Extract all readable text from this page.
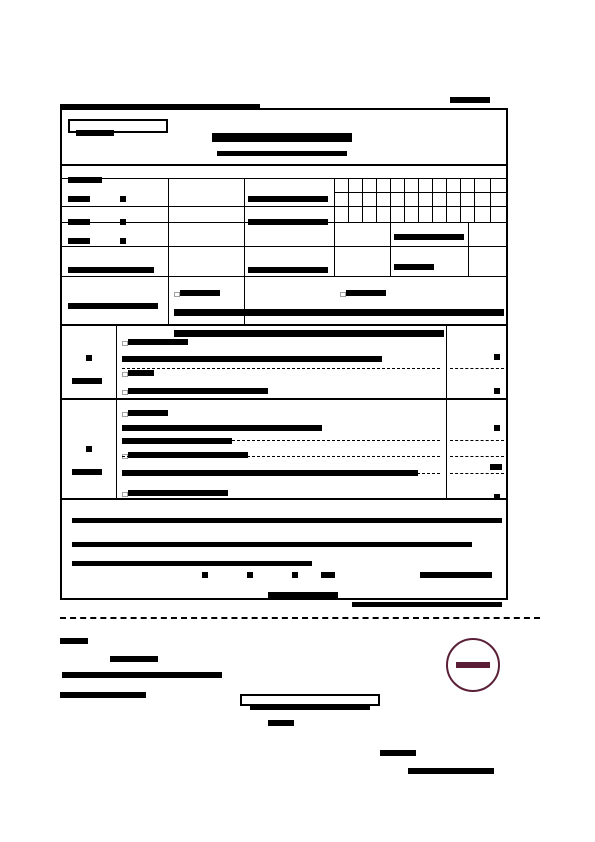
☐	☐

☐
☐
☐

☐
☐
☐
